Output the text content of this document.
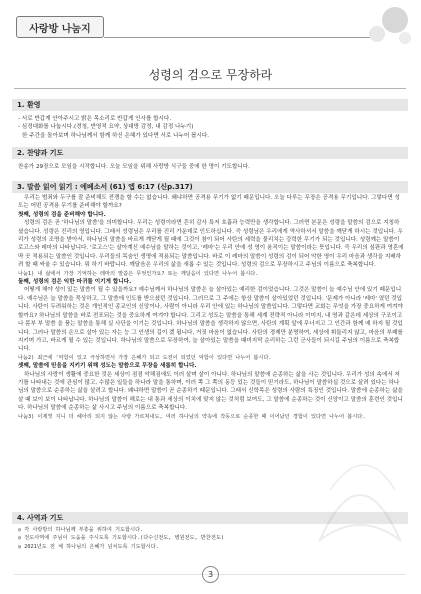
사랑방 나눔지
성령의 검으로 무장하라
1. 환영

- 서로 반갑게 안아주시고 밝은 목소리로 반갑게 인사를 합시다.

- 심정대화를 나눕시다.(경청, 반영적 요약, 상대방 감정, 내 감정 나누기)

한 주간을 돌아보며 하나님께서 함께 하신 은혜가 있다면 서로 나누어 봅시다.

2. 찬양과 기도

찬송가 29장으로 모임을 시작합니다. 오늘 모임을 위해 사랑방 식구들 중에 한 명이 기도합니다.

3. 말씀 읽어 읽기 : 에베소서 (61) 엡 6:17 (신p.317)

우리는 범죄와 두구를 잘 준비해도 전쟁을 할 수는 없습니다. 왜냐하면 공격용 무기가 없기 때문입니다. 오늘 다루는 무장은 공격용 무기입니다. 그렇다면 성도는 어떤 공격용 무기를 준비해야 할까요?

첫째, 성령의 검을 준비해야 합니다.

성령의 검은 곧 '하나님의 말씀'을 의미합니다. 우리는 성령이라면 흔히 감사 특저 호흡과 능력만을 생각합니다. 그러면 본문은 성령을 말씀의 검으로 지칭하셨습니다. 성령은 진리의 영입니다. 그래서 성령님은 우리를 진리 가운데로 인도하십니다. 즉 성령님은 우리에게 역사하셔서 말씀을 깨닫게 하시는 것입니다. 우리가 성령의 조명을 받아서, 하나님의 말씀을 바르게 깨닫게 될 때에 그것이 참이 되어 사탄의 세력을 물리치는 강력한 무기가 되는 것입니다. 성령께는 말씀이 로고스와 레마의 나타납니다. '로고스'는 살아계신 예수님을 말하는 것이고, '레마'는 우리 안에 성 영이 움직이는 말씀이라는 뜻입니다. 즉 우리의 심판과 영혼에 딱 곳 적용되는 말씀인 것입니다. 우리들의 목숨인 생명에 적용되는 말씀입니다. 바로 이 레마의 말씀이 성령의 검이 되어 악한 영이 우리 마음과 생각을 지배하려 할 때 싸울 수 있습니다. 뭐 하기 바랍니다. 깨달음은 우리의 삶을 새롭 수 있는 것입니다. 성령의 검으로 무장하시고 주님의 이름으로 축복합니다.

나눔1) 내 삶에서 가장 기억하는 레마의 말씀은 무엇인가요? 또는 깨달음이 있다면 나누어 봅시다.

둘째, 성령의 검은 익한 마귀를 이기게 합니다.

어떻게 해야 성이 있는 말씀이 될 수 있을까요? 예수님께서 하나님의 말씀은 늘 살아있는 예리한 검이었습니다. 그것은 말씀이 늘 예수님 안에 있기 때문입니다. 예수님은 늘 말씀을 묵상하고, 그 말씀에 인도를 받으셨던 것입니다. 그러므로 그 주에는 항상 말씀이 살아있었던 것입니다. '문제가 아니라 '레마' 였던 것입니다. 사탄이 두려워하는 것은 개인적인 종교인의 신앙이나, 사람이 아니라 우리 안에 있는 하나님의 말씀입니다. 그렇다면 교회는 무엇을 가장 중요하게 여겨야 할까요? 하나님의 말씀을 바로 전포되는 것을 중요하게 여겨야 합니다. 그리고 성도는 말씀을 통해 세계 전략적 아니라 이미지, 내 영과 같은데 세상의 구조이고 나 몸부 부 말씀 을 품는 말씀을 통해 실 사단을 이기는 것입니다. 하나님의 말씀을 생각하지 않으면, 사탄의 계획 앞에 무너지고 그 인간과 함께 예 하지 될 것입니다. 그러나 말씀의 손으로 살아 있는 자는 능 그 인생의 길이 겠 됩니다, 거짓 마음이 없습니다. 사탄의 경제만 분명하여, 세상에 휘둘리지 않고, 마음의 부패를 지키며 가고, 바르게 될 수 있는 것입니다. 하나님의 말씀으로 무장하여, 늘 살아있는 말씀을 때미지막 순리하는 그런 군사들이 되시길 주님의 이름으로 축복합니다.

나눔2) 최근에 '악함이 있고 극상하면서 가장 은혜가 되고 도전이 되었던 악함이 있다면 나누어 봅시다.

셋째, 말씀에 믿음을 지키기 위해 성도는 말씀으로 무장을 새롭히 합니다.

하나님의 사랑이 생활에 중요한 것은 세상이 점점 악해짐에도 이러 살며 살이 아니다. 하나님의 말씀에 순종하는 삶을 사는 것입니다. 우리가 성의 속에서 저기를 나타내는 것에 관심이 많고, 수많은 일들을 하나라 말을 통하며, 이러 쪽 그 쪽의 동등 있는 것들이 믿기라도, 하나님이 말씀하실 것으로 살려 있다는 하나님의 말씀으로 순종하는 삶을 살려고 합니다. 왜냐하면 말씀이 곧 순종하기 때문입니다. 그래서 신학목은 성령의 사람의 특징인 것입니다. 말씀에 순종하는 삶을 살 때 보이 보이 나타납니다. 하나님의 말씀이 해로는 내 통과 세상의 이치에 맞지 않는 것처럼 보여도, 그 말씀에 순종하는 것이 신앙이고 말씀의 훈련인 것입니다. 하나님의 말씀에 순종하는 삶 사시고 주님의 이름으로 축복합니다.

나눔3) 이제껏 지니 더 헤아리 되지 않는 사랑 가르쳐내도, 여러 하나님의 약속에 작동으로 순종한 때 이어났던 경험이 있다면 나누어 봅시다.

4. 사역과 기도

◎ 각 사랑방의 하나님께 부흥을 위하여 기도합시다.

◎ 전도사역에 주님이 도움을 주시도록 기도합시다.(다수신전도, 병원전도, 반찬전도)

◎ 2021년도 전 체 하나님의 은혜가 넘치도록 기도합시다.

3
